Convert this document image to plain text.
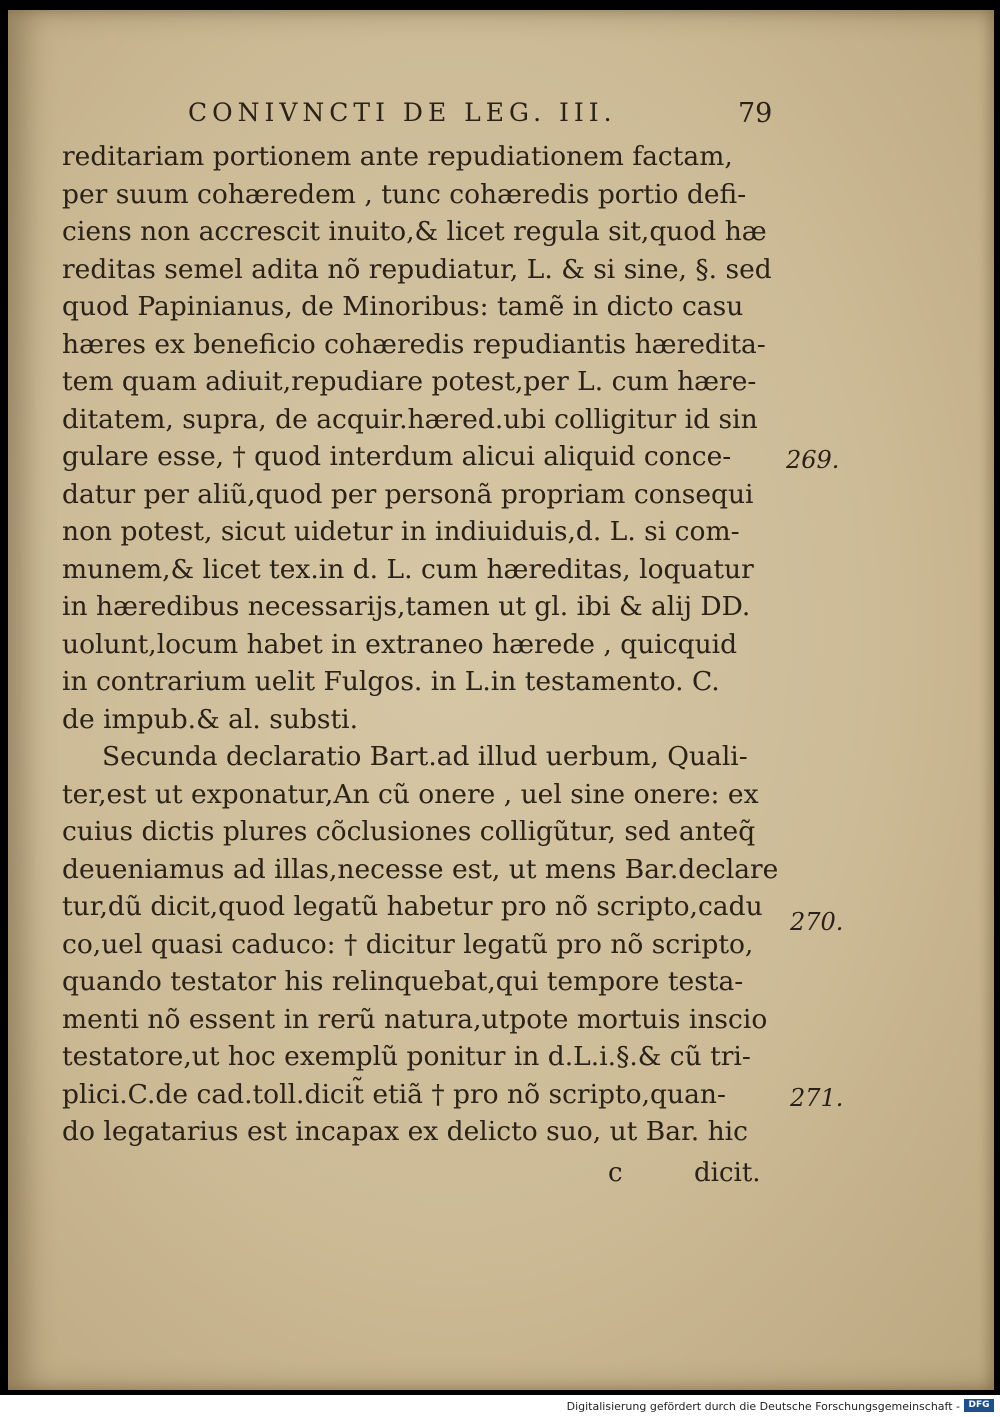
CONIVNCTI DE LEG. III.	79
reditariam portionem ante repudiationem factam,
per suum cohæredem , tunc cohæredis portio defi-
ciens non accrescit inuito,& licet regula sit,quod hæ
reditas semel adita nõ repudiatur, L. & si sine, §. sed
quod Papinianus, de Minoribus: tamẽ in dicto casu
hæres ex beneficio cohæredis repudiantis hæredita-
tem quam adiuit,repudiare potest,per L. cum hære-
ditatem, supra, de acquir.hæred.ubi colligitur id sin
gulare esse, † quod interdum alicui aliquid conce-
datur per aliũ,quod per personã propriam consequi
non potest, sicut uidetur in indiuiduis,d. L. si com-
munem,& licet tex.in d. L. cum hæreditas, loquatur
in hæredibus necessarijs,tamen ut gl. ibi & alij DD.
uolunt,locum habet in extraneo hærede , quicquid
in contrarium uelit Fulgos. in L.in testamento. C.
de impub.& al. substi.
Secunda declaratio Bart.ad illud uerbum, Quali-
ter,est ut exponatur,An cũ onere , uel sine onere: ex
cuius dictis plures cõclusiones colligũtur, sed anteq̃
deueniamus ad illas,necesse est, ut mens Bar.declare
tur,dũ dicit,quod legatũ habetur pro nõ scripto,cadu
co,uel quasi caduco: † dicitur legatũ pro nõ scripto,
quando testator his relinquebat,qui tempore testa-
menti nõ essent in rerũ natura,utpote mortuis inscio
testatore,ut hoc exemplũ ponitur in d.L.i.§.& cũ tri-
plici.C.de cad.toll.dicit̃ etiã † pro nõ scripto,quan-
do legatarius est incapax ex delicto suo, ut Bar. hic
269.
270.
271.
c	dicit.
Digitalisierung gefördert durch die Deutsche Forschungsgemeinschaft - DFG
